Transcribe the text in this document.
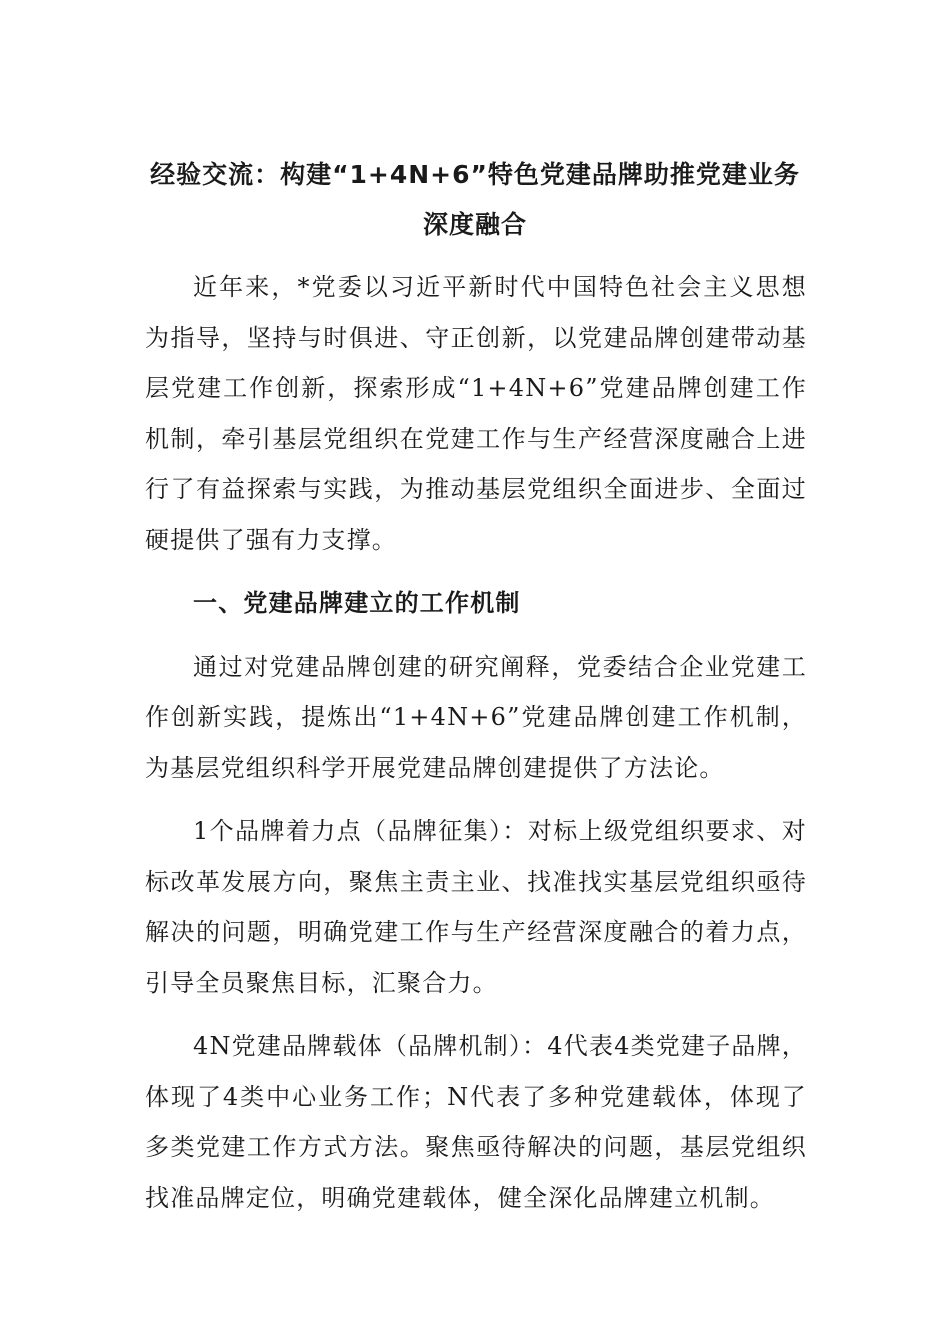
经验交流：构建“1+4N+6”特色党建品牌助推党建业务深度融合

近年来，*党委以习近平新时代中国特色社会主义思想为指导，坚持与时俱进、守正创新，以党建品牌创建带动基层党建工作创新，探索形成“1+4N+6”党建品牌创建工作机制，牵引基层党组织在党建工作与生产经营深度融合上进行了有益探索与实践，为推动基层党组织全面进步、全面过硬提供了强有力支撑。

一、党建品牌建立的工作机制

通过对党建品牌创建的研究阐释，党委结合企业党建工作创新实践，提炼出“1+4N+6”党建品牌创建工作机制，为基层党组织科学开展党建品牌创建提供了方法论。

1个品牌着力点（品牌征集）：对标上级党组织要求、对标改革发展方向，聚焦主责主业、找准找实基层党组织亟待解决的问题，明确党建工作与生产经营深度融合的着力点，引导全员聚焦目标，汇聚合力。

4N党建品牌载体（品牌机制）：4代表4类党建子品牌，体现了4类中心业务工作；N代表了多种党建载体，体现了多类党建工作方式方法。聚焦亟待解决的问题，基层党组织找准品牌定位，明确党建载体，健全深化品牌建立机制。
